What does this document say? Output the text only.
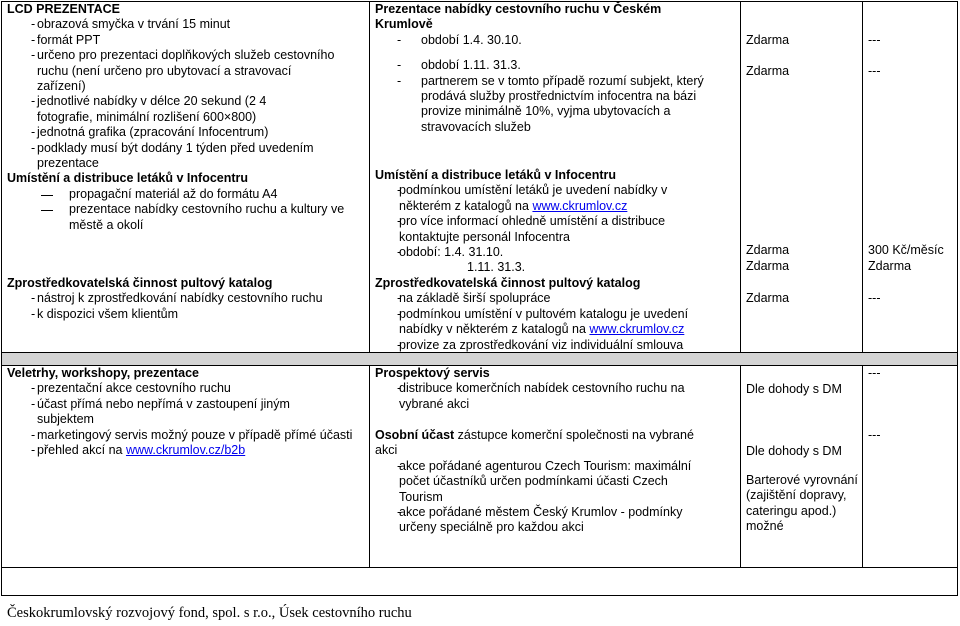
LCD PREZENTACE
- obrazová smyčka v trvání 15 minut
- formát PPT
- určeno pro prezentaci doplňkových služeb cestovního ruchu (není určeno pro ubytovací a stravovací zařízení)
- jednotlivé nabídky v délce 20 sekund (2 4 fotografie, minimální rozlišení 600×800)
- jednotná grafika (zpracování Infocentrum)
- podklady musí být dodány 1 týden před uvedením prezentace
Umístění a distribuce letáků v Infocentru
propagační materiál až do formátu A4
prezentace nabídky cestovního ruchu a kultury ve městě a okolí
Zprostředkovatelská činnost pultový katalog
- nástroj k zprostředkování nabídky cestovního ruchu
- k dispozici všem klientům
Prezentace nabídky cestovního ruchu v Českém Krumlově
- období 1.4. 30.10.
- období 1.11. 31.3.
- partnerem se v tomto případě rozumí subjekt, který prodává služby prostřednictvím infocentra na bázi provize minimálně 10%, vyjma ubytovacích a stravovacích služeb
Umístění a distribuce letáků v Infocentru
- podmínkou umístění letáků je uvedení nabídky v některém z katalogů na www.ckrumlov.cz
- pro více informací ohledně umístění a distribuce kontaktujte personál Infocentra
- období: 1.4. 31.10.
1.11. 31.3.
Zprostředkovatelská činnost pultový katalog
- na základě širší spolupráce
- podmínkou umístění v pultovém katalogu je uvedení nabídky v některém z katalogů na www.ckrumlov.cz
- provize za zprostředkování viz individuální smlouva
Zdarma
Zdarma
Zdarma
Zdarma
Zdarma
---
---
300 Kč/měsíc
Zdarma
---
Veletrhy, workshopy, prezentace
- prezentační akce cestovního ruchu
- účast přímá nebo nepřímá v zastoupení jiným subjektem
- marketingový servis možný pouze v případě přímé účasti
- přehled akcí na www.ckrumlov.cz/b2b
Prospektový servis
- distribuce komerčních nabídek cestovního ruchu na vybrané akci
Osobní účast zástupce komerční společnosti na vybrané akci
- akce pořádané agenturou Czech Tourism: maximální počet účastníků určen podmínkami účasti Czech Tourism
- akce pořádané městem Český Krumlov - podmínky určeny speciálně pro každou akci
Dle dohody s DM
Dle dohody s DM
Barterové vyrovnání (zajištění dopravy, cateringu apod.) možné
---
---
Českokrumlovský rozvojový fond, spol. s r.o., Úsek cestovního ruchu
